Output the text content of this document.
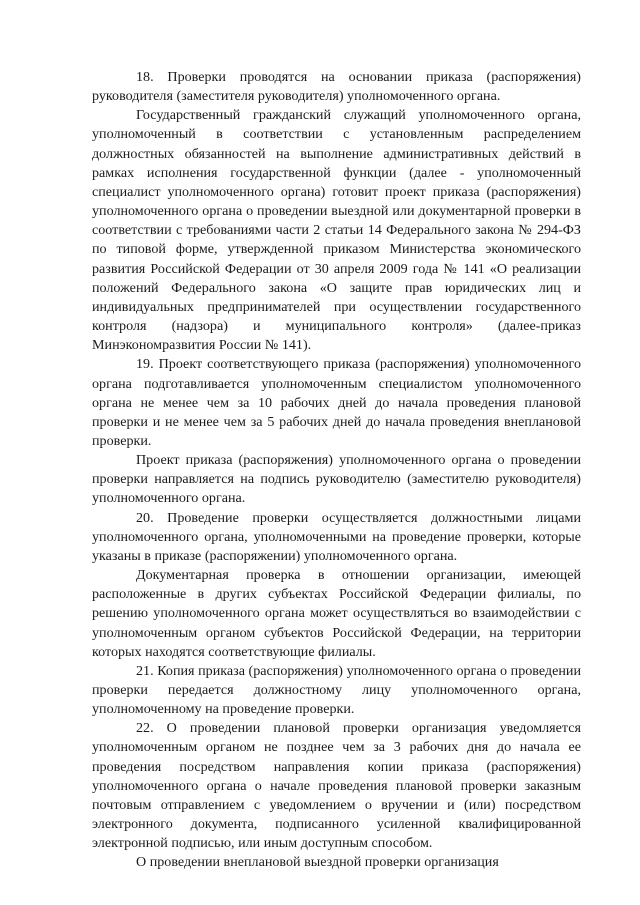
18. Проверки проводятся на основании приказа (распоряжения) руководителя (заместителя руководителя) уполномоченного органа.

Государственный гражданский служащий уполномоченного органа, уполномоченный в соответствии с установленным распределением должностных обязанностей на выполнение административных действий в рамках исполнения государственной функции (далее - уполномоченный специалист уполномоченного органа) готовит проект приказа (распоряжения) уполномоченного органа о проведении выездной или документарной проверки в соответствии с требованиями части 2 статьи 14 Федерального закона № 294-ФЗ по типовой форме, утвержденной приказом Министерства экономического развития Российской Федерации от 30 апреля 2009 года № 141 «О реализации положений Федерального закона «О защите прав юридических лиц и индивидуальных предпринимателей при осуществлении государственного контроля (надзора) и муниципального контроля» (далее-приказ Минэкономразвития России № 141).

19. Проект соответствующего приказа (распоряжения) уполномоченного органа подготавливается уполномоченным специалистом уполномоченного органа не менее чем за 10 рабочих дней до начала проведения плановой проверки и не менее чем за 5 рабочих дней до начала проведения внеплановой проверки.

Проект приказа (распоряжения) уполномоченного органа о проведении проверки направляется на подпись руководителю (заместителю руководителя) уполномоченного органа.

20. Проведение проверки осуществляется должностными лицами уполномоченного органа, уполномоченными на проведение проверки, которые указаны в приказе (распоряжении) уполномоченного органа.

Документарная проверка в отношении организации, имеющей расположенные в других субъектах Российской Федерации филиалы, по решению уполномоченного органа может осуществляться во взаимодействии с уполномоченным органом субъектов Российской Федерации, на территории которых находятся соответствующие филиалы.

21. Копия приказа (распоряжения) уполномоченного органа о проведении проверки передается должностному лицу уполномоченного органа, уполномоченному на проведение проверки.

22. О проведении плановой проверки организация уведомляется уполномоченным органом не позднее чем за 3 рабочих дня до начала ее проведения посредством направления копии приказа (распоряжения) уполномоченного органа о начале проведения плановой проверки заказным почтовым отправлением с уведомлением о вручении и (или) посредством электронного документа, подписанного усиленной квалифицированной электронной подписью, или иным доступным способом.

О проведении внеплановой выездной проверки организация
